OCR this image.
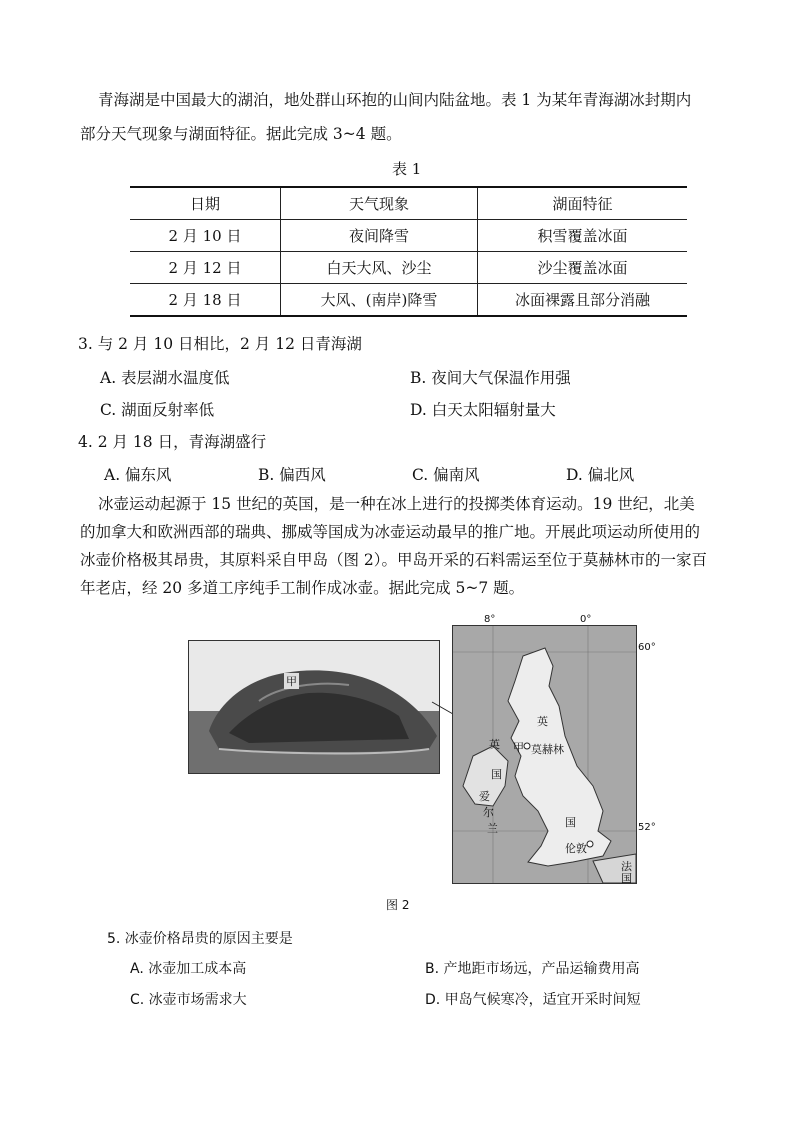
青海湖是中国最大的湖泊，地处群山环抱的山间内陆盆地。表 1 为某年青海湖冰封期内
部分天气现象与湖面特征。据此完成 3~4 题。
表 1
日期	天气现象	湖面特征
2 月 10 日	夜间降雪	积雪覆盖冰面
2 月 12 日	白天大风、沙尘	沙尘覆盖冰面
2 月 18 日	大风、(南岸)降雪	冰面裸露且部分消融
3. 与 2 月 10 日相比，2 月 12 日青海湖
A. 表层湖水温度低	B. 夜间大气保温作用强
C. 湖面反射率低	D. 白天太阳辐射量大
4. 2 月 18 日，青海湖盛行
A. 偏东风	B. 偏西风	C. 偏南风	D. 偏北风
冰壶运动起源于 15 世纪的英国，是一种在冰上进行的投掷类体育运动。19 世纪，北美
的加拿大和欧洲西部的瑞典、挪威等国成为冰壶运动最早的推广地。开展此项运动所使用的
冰壶价格极其昂贵，其原料采自甲岛（图 2）。甲岛开采的石料需运至位于莫赫林市的一家百
年老店，经 20 多道工序纯手工制作成冰壶。据此完成 5~7 题。
甲
甲 莫赫林
英
英
国
国
爱
尔
兰
伦敦
法
国
8°	0°
60°
52°
图 2
5. 冰壶价格昂贵的原因主要是
A. 冰壶加工成本高	B. 产地距市场远，产品运输费用高
C. 冰壶市场需求大	D. 甲岛气候寒冷，适宜开采时间短
